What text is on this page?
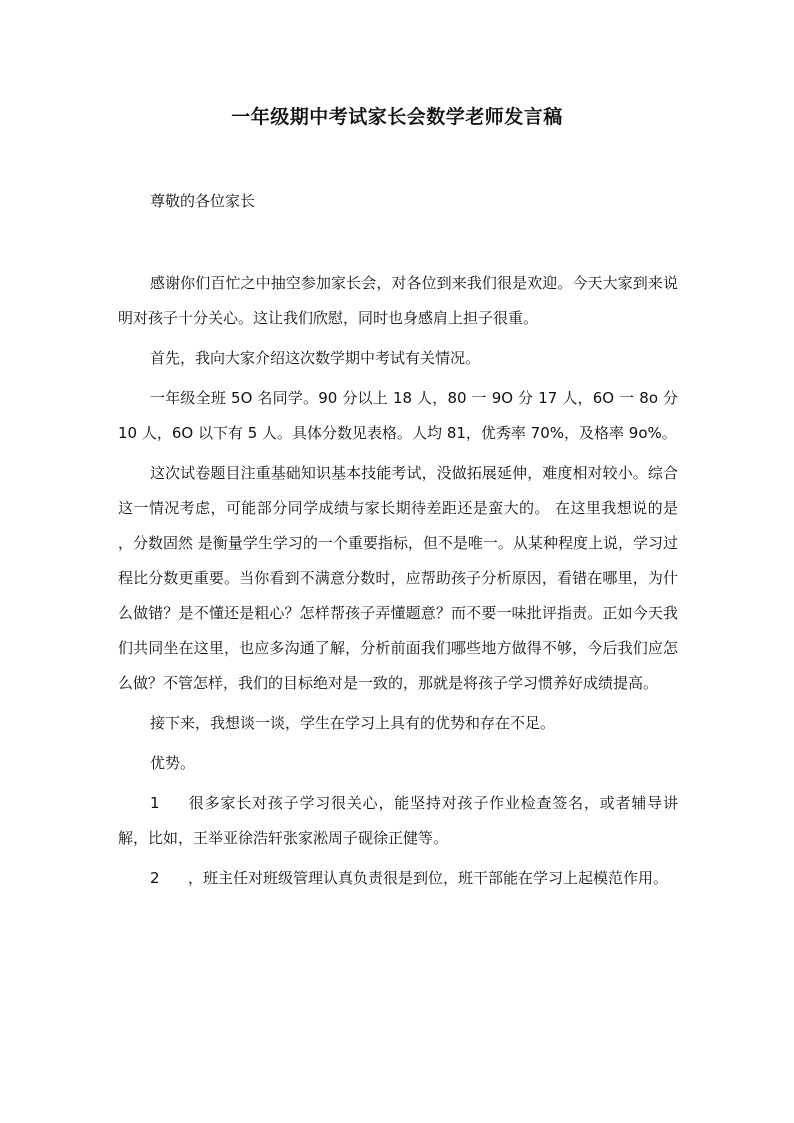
一年级期中考试家长会数学老师发言稿

尊敬的各位家长

感谢你们百忙之中抽空参加家长会，对各位到来我们很是欢迎。今天大家到来说明对孩子十分关心。这让我们欣慰，同时也身感肩上担子很重。

首先，我向大家介绍这次数学期中考试有关情况。

一年级全班 5O 名同学。90 分以上 18 人，80 一 9O 分 17 人，6O 一 8o 分 10 人，6O 以下有 5 人。具体分数见表格。人均 81，优秀率 70%，及格率 9o%。

这次试卷题目注重基础知识基本技能考试，没做拓展延伸，难度相对较小。综合这一情况考虑，可能部分同学成绩与家长期待差距还是蛮大的。 在这里我想说的是 ，分数固然 是衡量学生学习的一个重要指标，但不是唯一。从某种程度上说，学习过程比分数更重要。当你看到不满意分数时，应帮助孩子分析原因，看错在哪里，为什么做错？是不懂还是粗心？怎样帮孩子弄懂题意？而不要一味批评指责。正如今天我们共同坐在这里，也应多沟通了解，分析前面我们哪些地方做得不够，今后我们应怎么做？不管怎样，我们的目标绝对是一致的，那就是将孩子学习惯养好成绩提高。

接下来，我想谈一谈，学生在学习上具有的优势和存在不足。

优势。

1 很多家长对孩子学习很关心，能坚持对孩子作业检查签名，或者辅导讲解，比如，王举亚徐浩轩张家淞周子砚徐正健等。

2 ，班主任对班级管理认真负责很是到位，班干部能在学习上起模范作用。
